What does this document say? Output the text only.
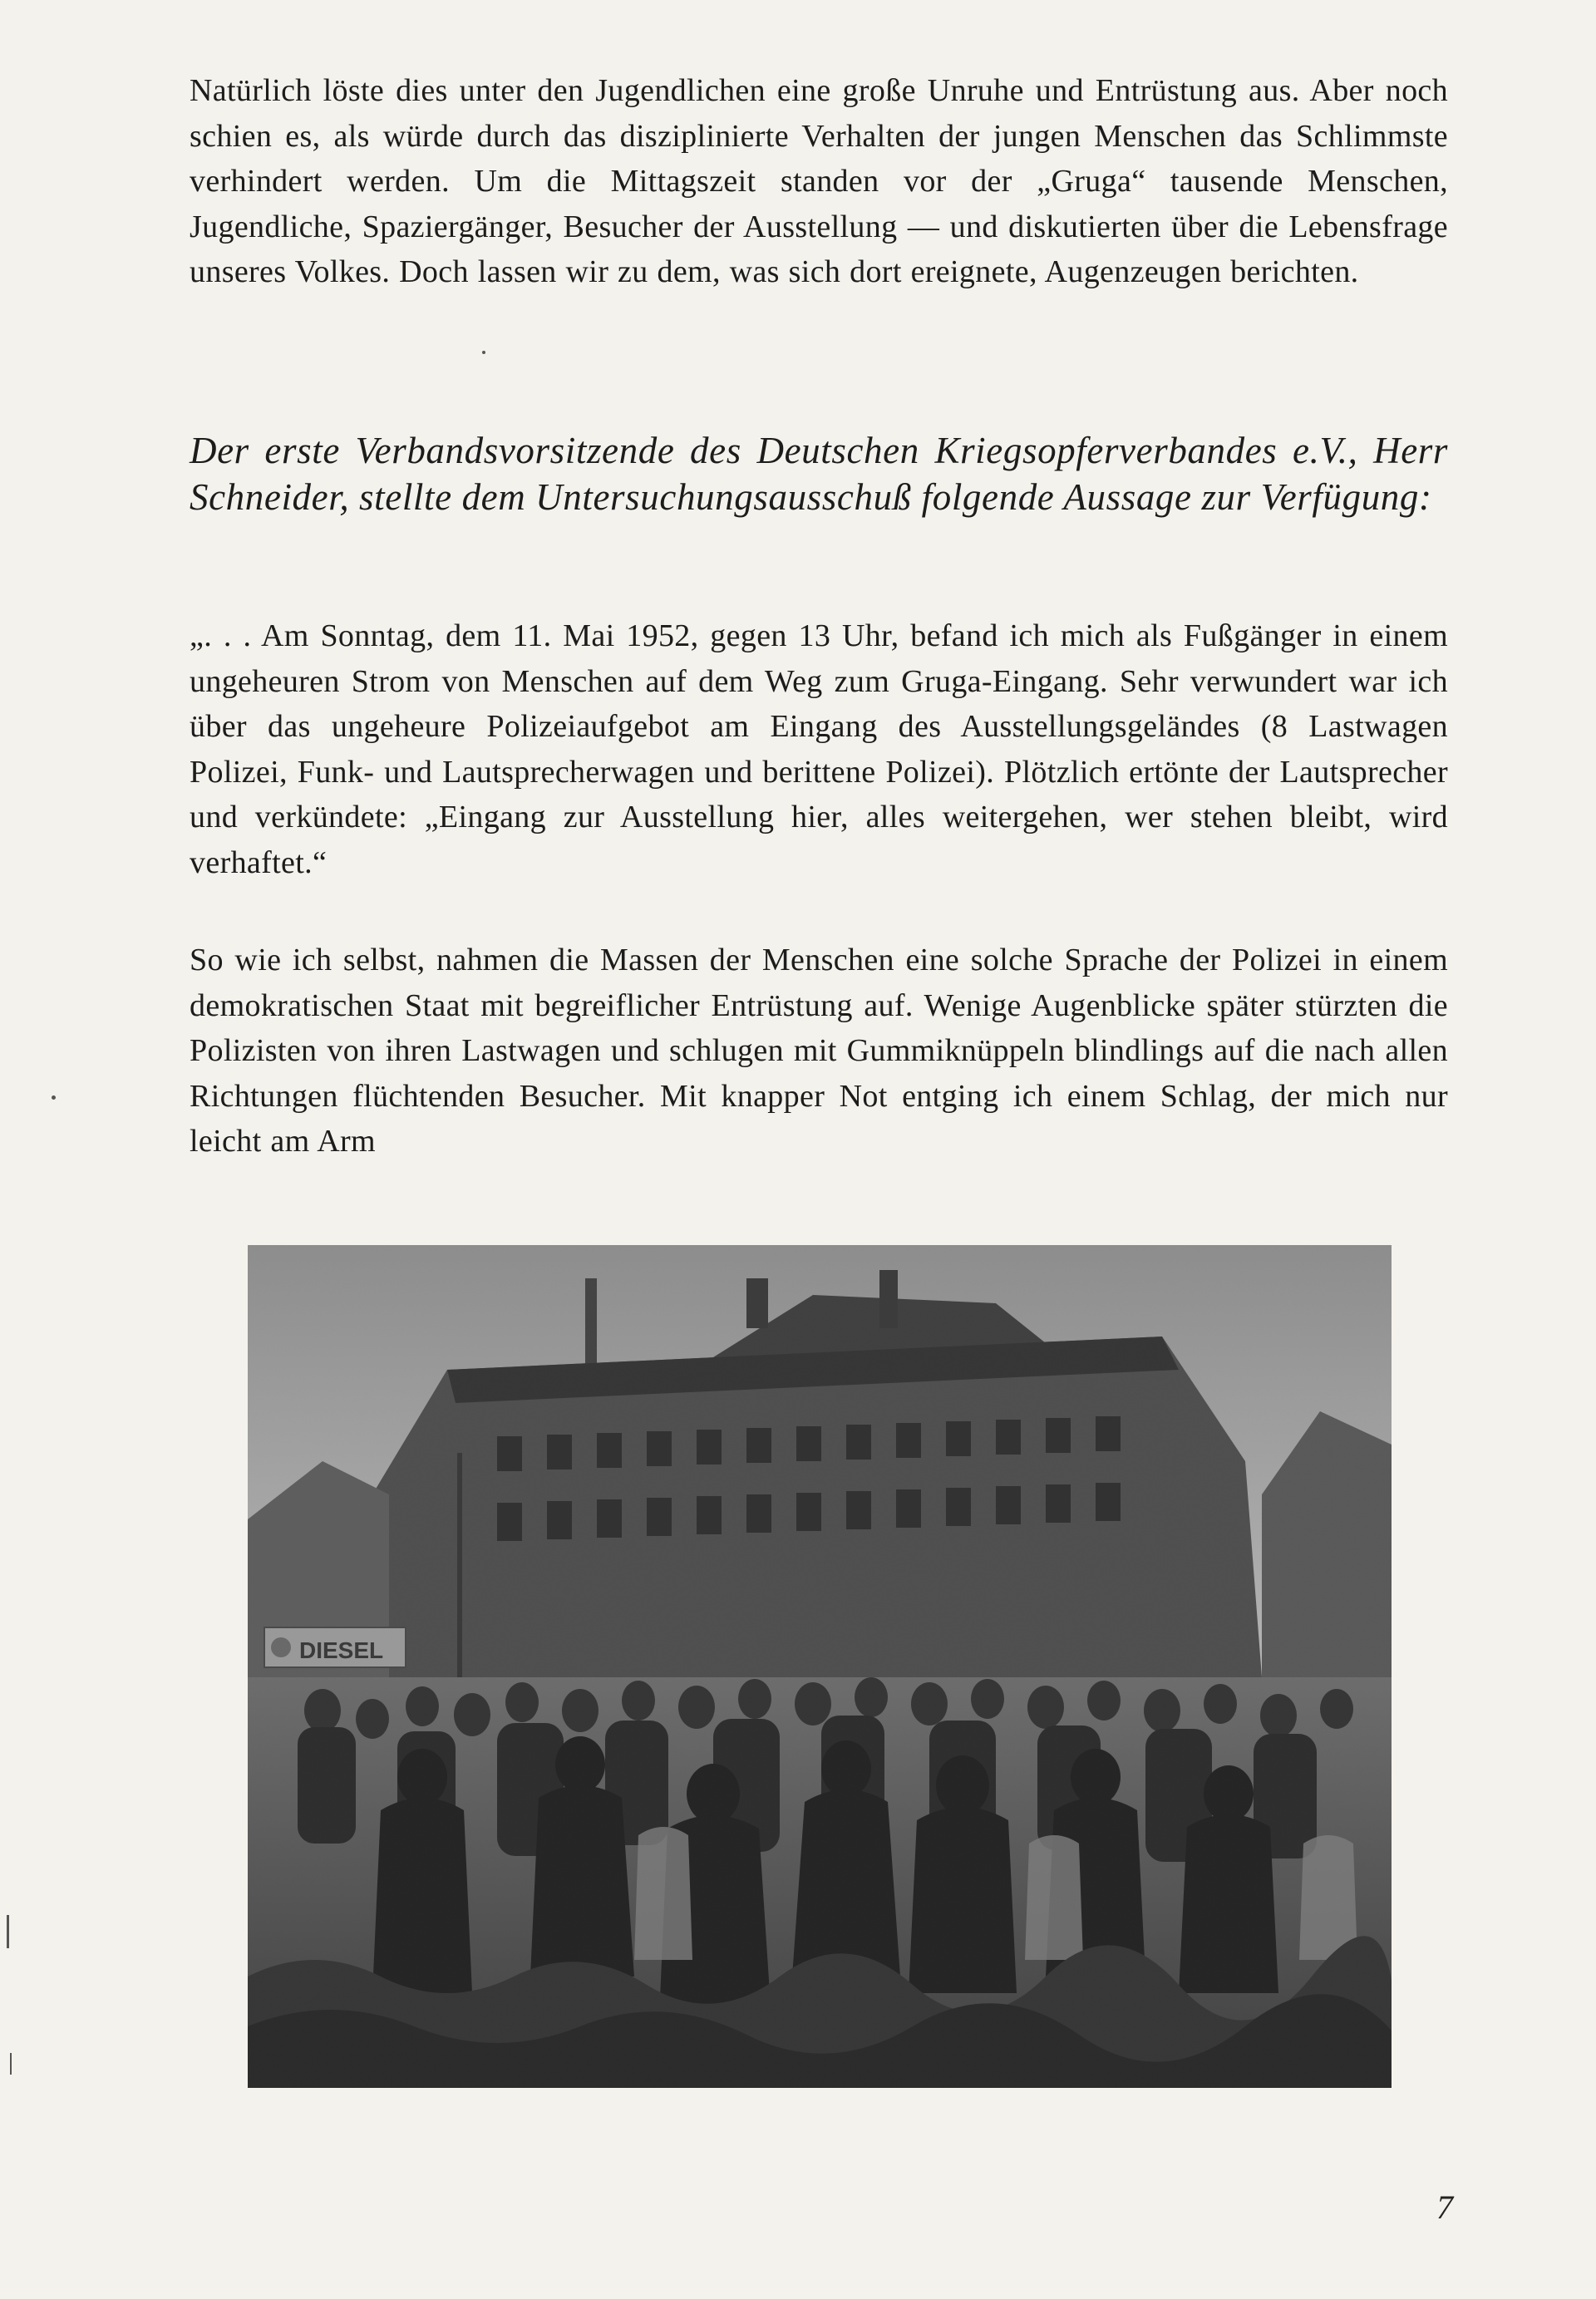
Natürlich löste dies unter den Jugendlichen eine große Unruhe und Entrüstung aus. Aber noch schien es, als würde durch das disziplinierte Verhalten der jungen Menschen das Schlimmste verhindert werden. Um die Mittagszeit standen vor der „Gruga“ tausende Menschen, Jugendliche, Spaziergänger, Besucher der Ausstellung — und diskutierten über die Lebensfrage unseres Volkes. Doch lassen wir zu dem, was sich dort ereignete, Augenzeugen berichten.

Der erste Verbandsvorsitzende des Deutschen Kriegsopferverbandes e.V., Herr Schneider, stellte dem Untersuchungsausschuß folgende Aussage zur Verfügung:

„. . . Am Sonntag, dem 11. Mai 1952, gegen 13 Uhr, befand ich mich als Fußgänger in einem ungeheuren Strom von Menschen auf dem Weg zum Gruga-Eingang. Sehr verwundert war ich über das ungeheure Polizeiaufgebot am Eingang des Ausstellungsgeländes (8 Lastwagen Polizei, Funk- und Lautsprecherwagen und berittene Polizei). Plötzlich ertönte der Lautsprecher und verkündete: „Eingang zur Ausstellung hier, alles weitergehen, wer stehen bleibt, wird verhaftet.“

So wie ich selbst, nahmen die Massen der Menschen eine solche Sprache der Polizei in einem demokratischen Staat mit begreiflicher Entrüstung auf. Wenige Augenblicke später stürzten die Polizisten von ihren Lastwagen und schlugen mit Gummiknüppeln blindlings auf die nach allen Richtungen flüchtenden Besucher. Mit knapper Not entging ich einem Schlag, der mich nur leicht am Arm

DIESEL
7
